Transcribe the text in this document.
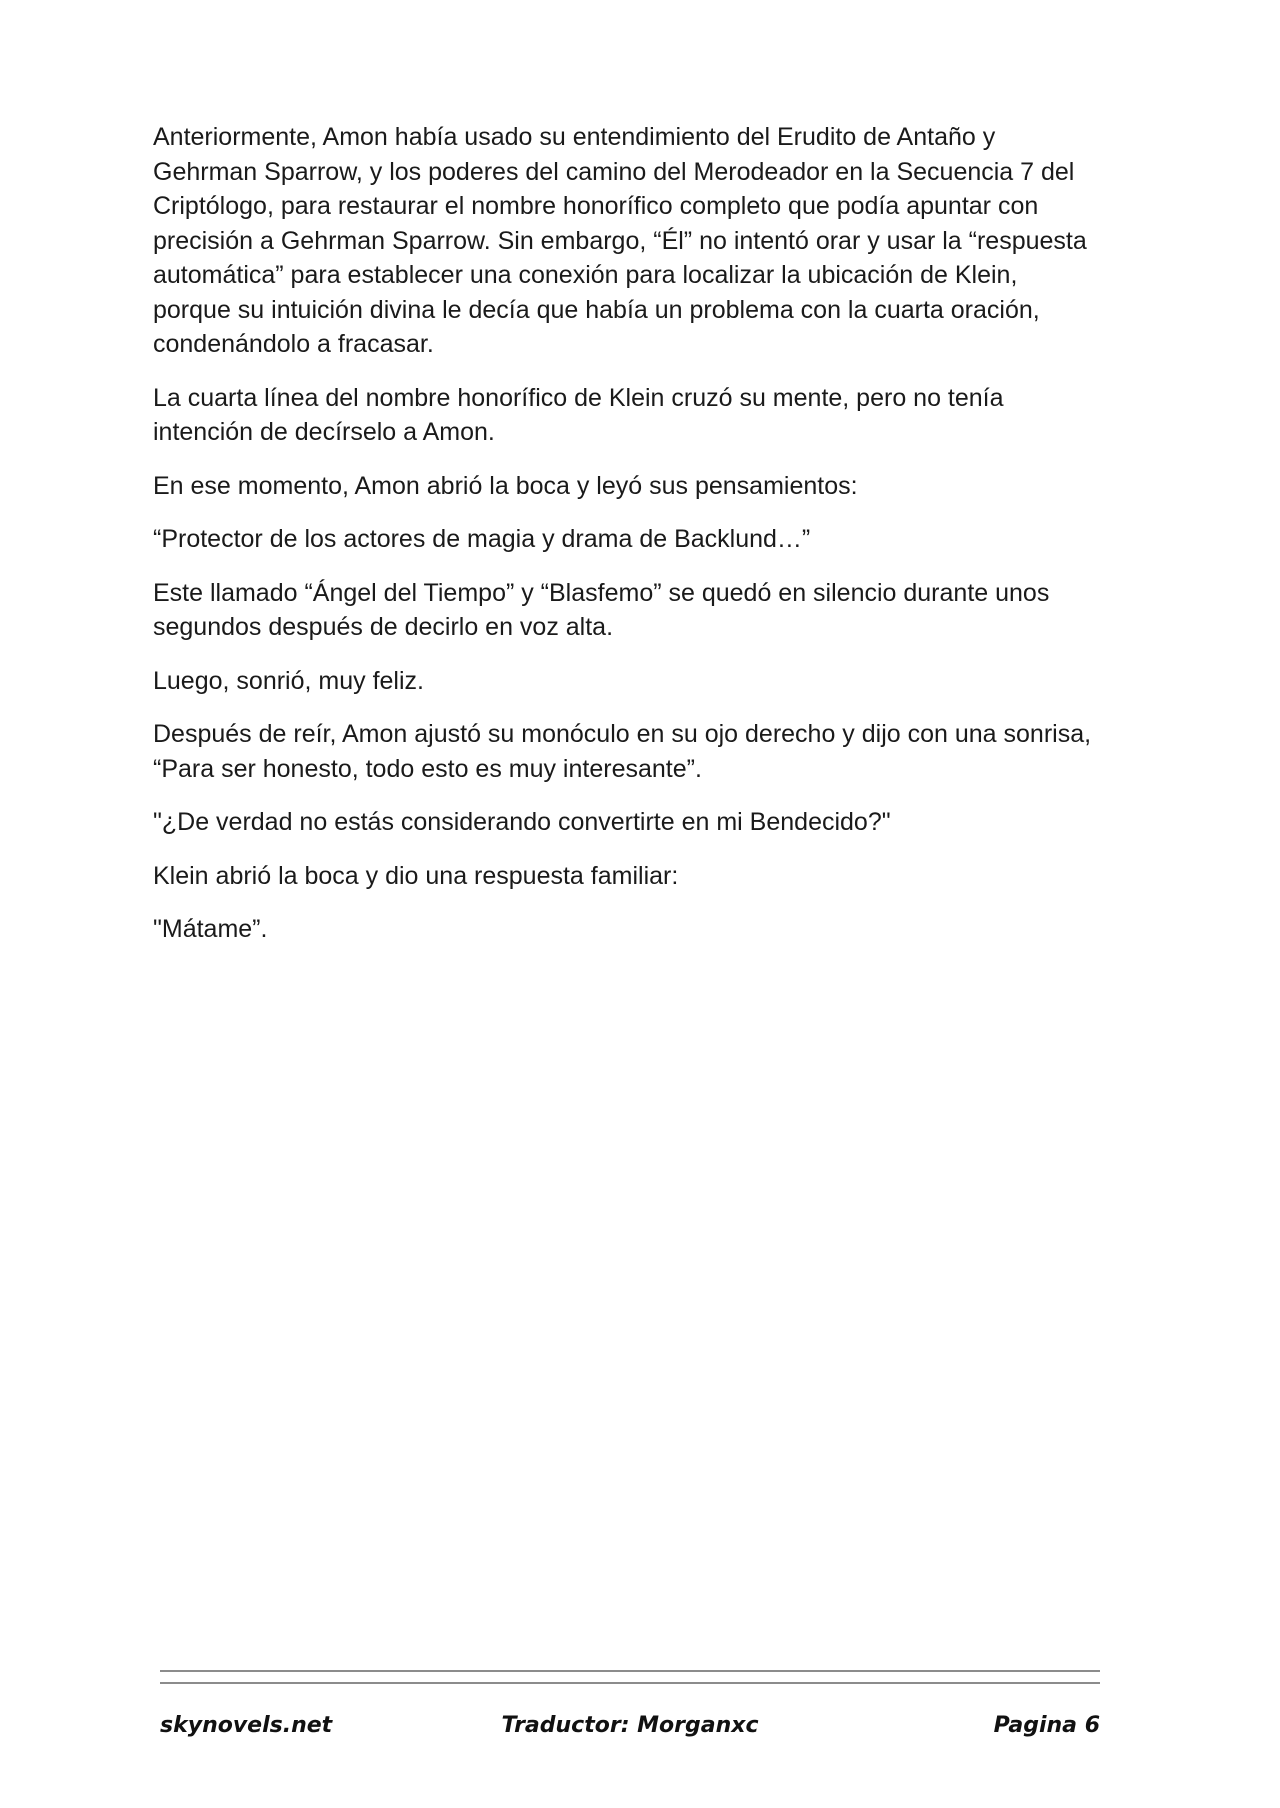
Anteriormente, Amon había usado su entendimiento del Erudito de Antaño y Gehrman Sparrow, y los poderes del camino del Merodeador en la Secuencia 7 del Criptólogo, para restaurar el nombre honorífico completo que podía apuntar con precisión a Gehrman Sparrow. Sin embargo, “Él” no intentó orar y usar la “respuesta automática” para establecer una conexión para localizar la ubicación de Klein, porque su intuición divina le decía que había un problema con la cuarta oración, condenándolo a fracasar.

La cuarta línea del nombre honorífico de Klein cruzó su mente, pero no tenía intención de decírselo a Amon.

En ese momento, Amon abrió la boca y leyó sus pensamientos:

“Protector de los actores de magia y drama de Backlund…”

Este llamado “Ángel del Tiempo” y “Blasfemo” se quedó en silencio durante unos segundos después de decirlo en voz alta.

Luego, sonrió, muy feliz.

Después de reír, Amon ajustó su monóculo en su ojo derecho y dijo con una sonrisa, “Para ser honesto, todo esto es muy interesante”.

"¿De verdad no estás considerando convertirte en mi Bendecido?"

Klein abrió la boca y dio una respuesta familiar:

"Mátame”.

skynovels.net	Traductor: Morganxc	Pagina 6
